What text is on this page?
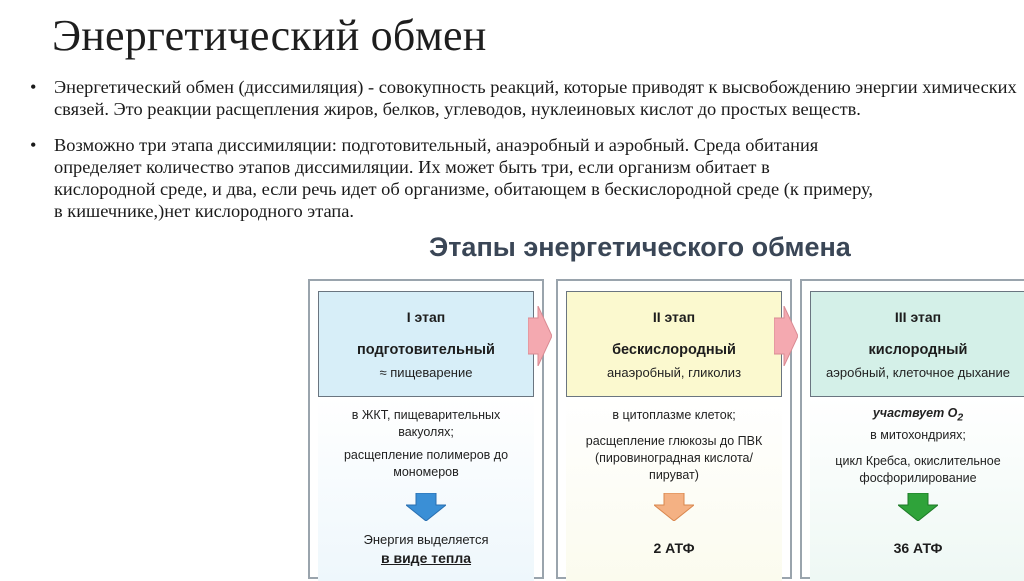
Энергетический обмен
• Энергетический обмен (диссимиляция) - совокупность реакций, которые приводят к высвобождению энергии химических связей. Это реакции расщепления жиров, белков, углеводов, нуклеиновых кислот до простых веществ.
• Возможно три этапа диссимиляции: подготовительный, анаэробный и аэробный. Среда обитания определяет количество этапов диссимиляции. Их может быть три, если организм обитает в кислородной среде, и два, если речь идет об организме, обитающем в бескислородной среде (к примеру, в кишечнике,)нет кислородного этапа.
Этапы энергетического обмена
I этап
подготовительный
≈ пищеварение
в ЖКТ, пищеварительных вакуолях;
расщепление полимеров до мономеров
Энергия выделяется
в виде тепла
II этап
бескислородный
анаэробный, гликолиз
в цитоплазме клеток;
расщепление глюкозы до ПВК (пировиноградная кислота/пируват)
2 АТФ
III этап
кислородный
аэробный, клеточное дыхание
участвует $O_2$
в митохондриях;
цикл Кребса, окислительное фосфорилирование
36 АТФ
